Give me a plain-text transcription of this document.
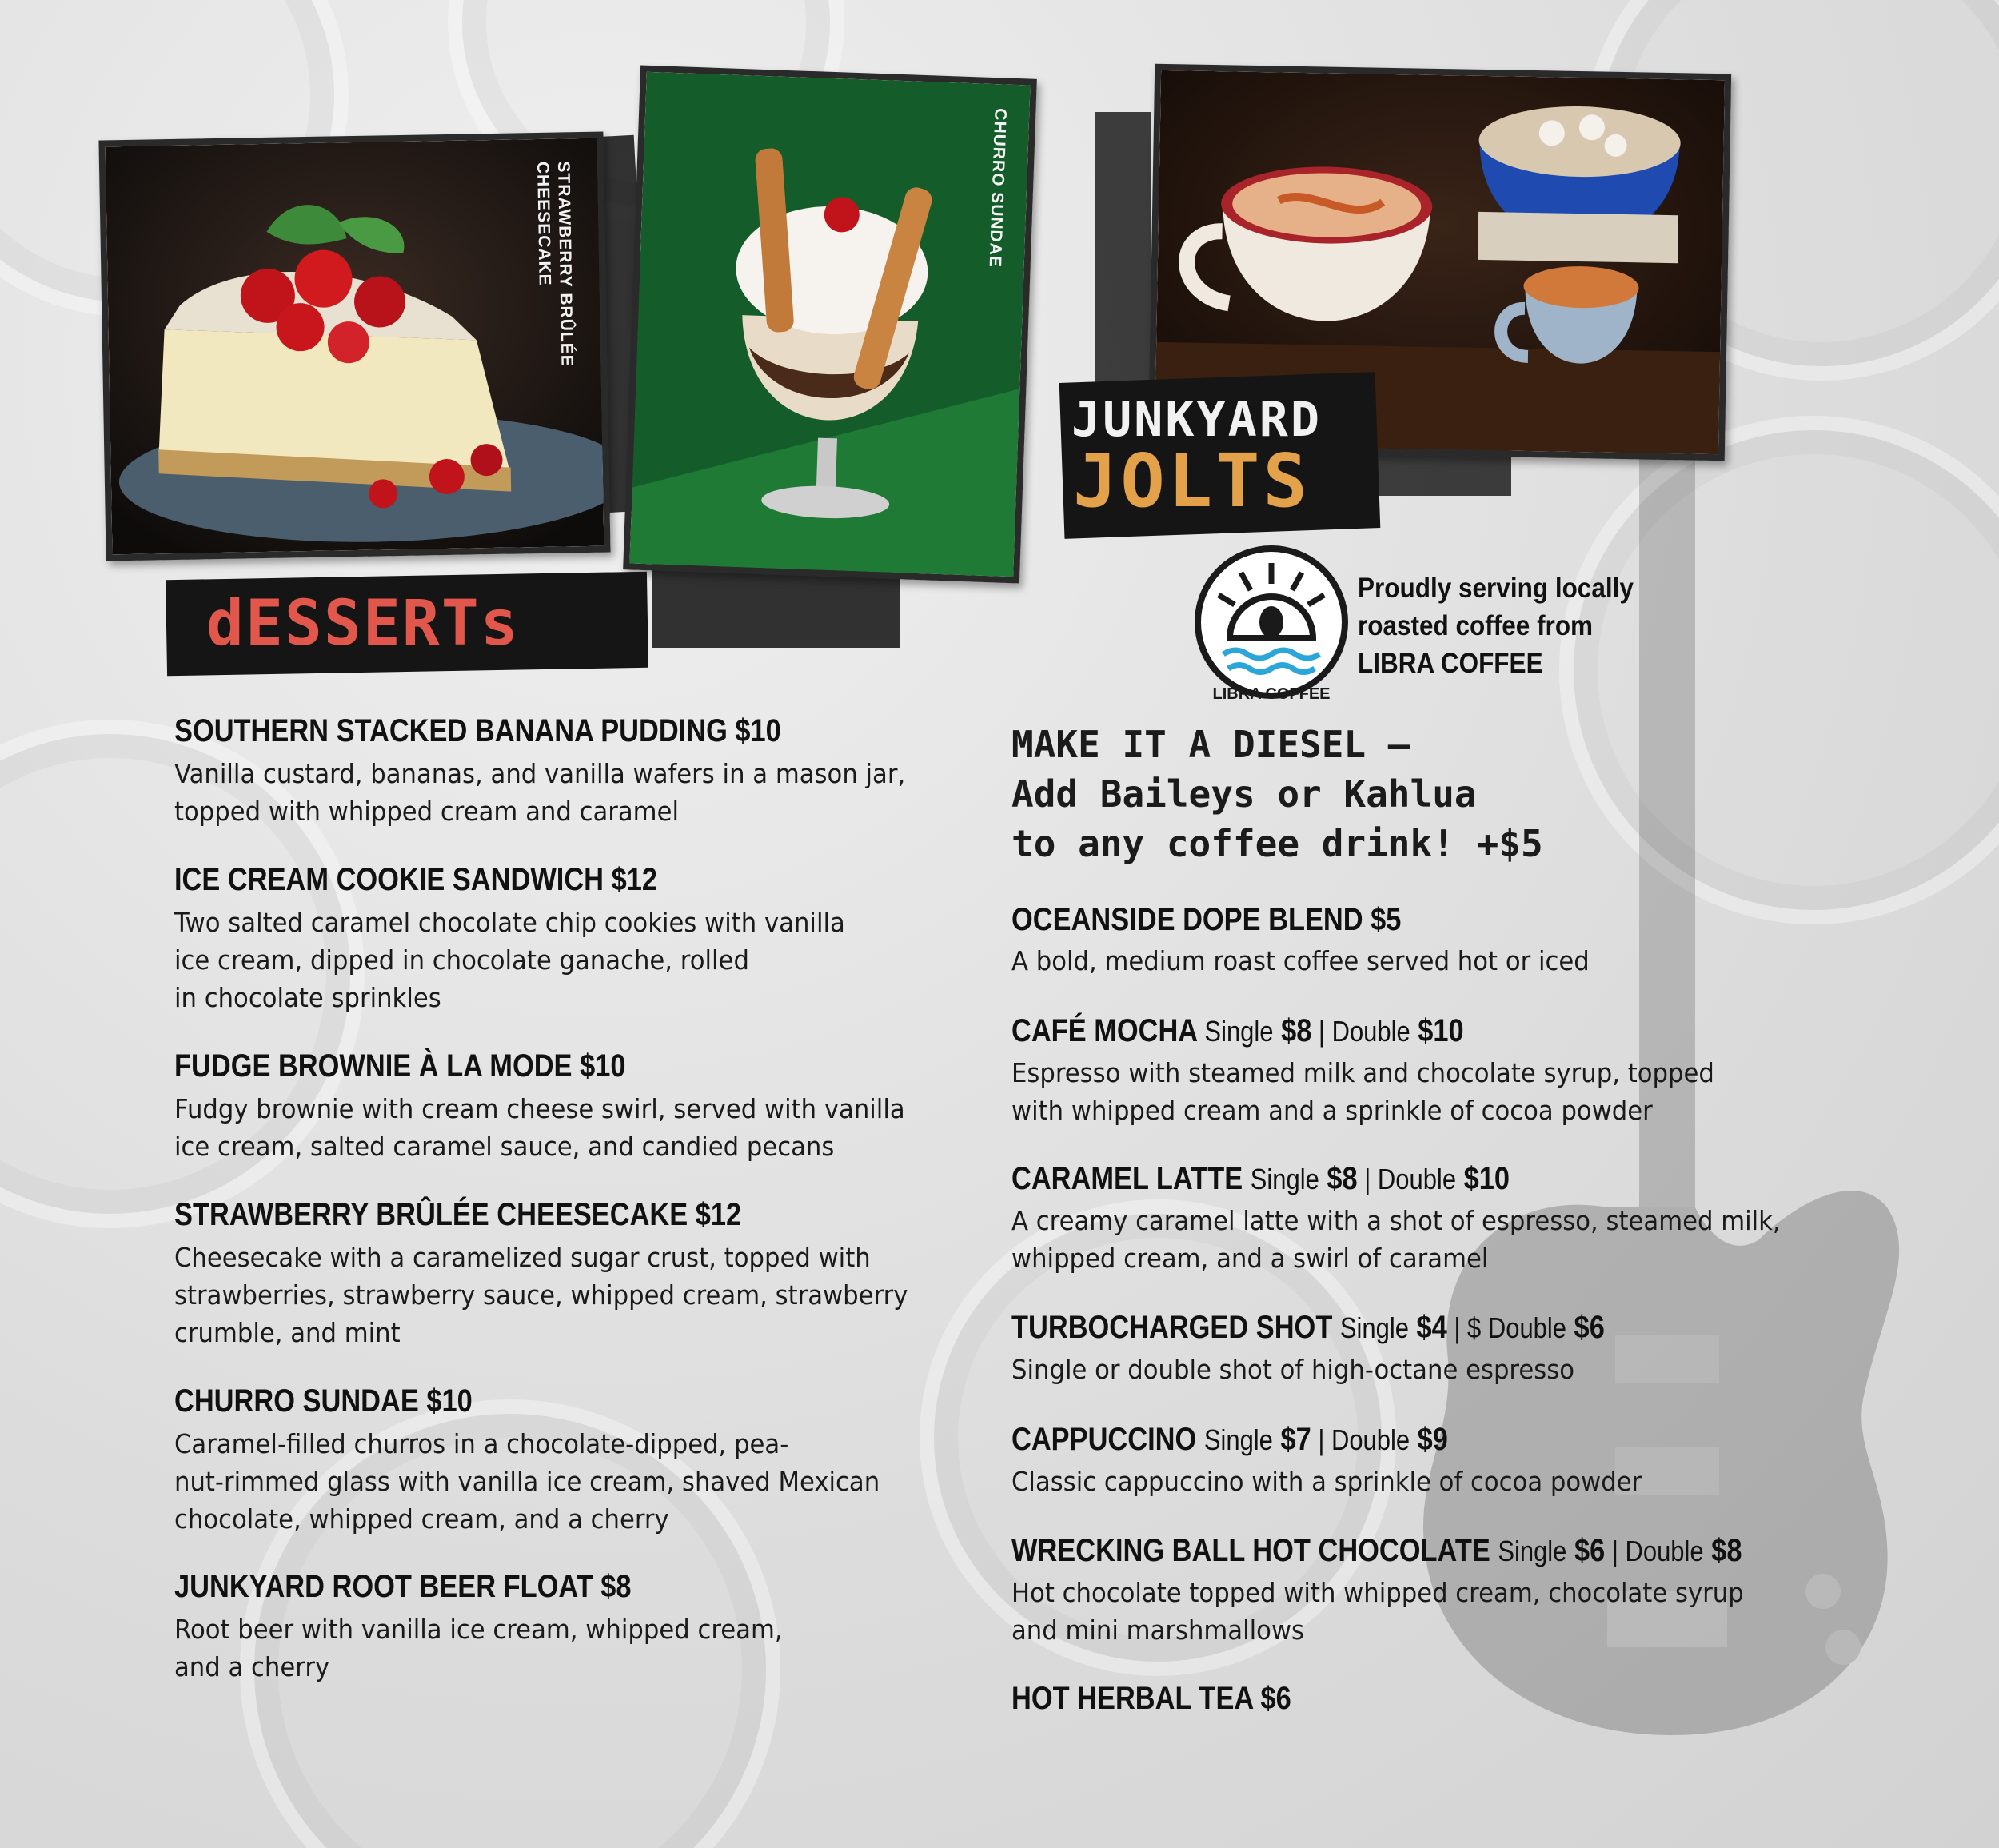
STRAWBERRY BRÛLÉE
CHEESECAKE	CHURRO SUNDAE
dESSERTs
JUNKYARD
JOLTS
LIBRA COFFEE
Proudly serving locally
roasted coffee from
LIBRA COFFEE
SOUTHERN STACKED BANANA PUDDING $10
Vanilla custard, bananas, and vanilla wafers in a mason jar,
topped with whipped cream and caramel
ICE CREAM COOKIE SANDWICH $12
Two salted caramel chocolate chip cookies with vanilla
ice cream, dipped in chocolate ganache, rolled
in chocolate sprinkles
FUDGE BROWNIE À LA MODE $10
Fudgy brownie with cream cheese swirl, served with vanilla
ice cream, salted caramel sauce, and candied pecans
STRAWBERRY BRÛLÉE CHEESECAKE $12
Cheesecake with a caramelized sugar crust, topped with
strawberries, strawberry sauce, whipped cream, strawberry
crumble, and mint
CHURRO SUNDAE $10
Caramel-filled churros in a chocolate-dipped, pea-
nut-rimmed glass with vanilla ice cream, shaved Mexican
chocolate, whipped cream, and a cherry
JUNKYARD ROOT BEER FLOAT $8
Root beer with vanilla ice cream, whipped cream,
and a cherry
MAKE IT A DIESEL –
Add Baileys or Kahlua
to any coffee drink! +$5
OCEANSIDE DOPE BLEND $5
A bold, medium roast coffee served hot or iced
CAFÉ MOCHA Single $8 | Double $10
Espresso with steamed milk and chocolate syrup, topped
with whipped cream and a sprinkle of cocoa powder
CARAMEL LATTE Single $8 | Double $10
A creamy caramel latte with a shot of espresso, steamed milk,
whipped cream, and a swirl of caramel
TURBOCHARGED SHOT Single $4 | $ Double $6
Single or double shot of high-octane espresso
CAPPUCCINO Single $7 | Double $9
Classic cappuccino with a sprinkle of cocoa powder
WRECKING BALL HOT CHOCOLATE Single $6 | Double $8
Hot chocolate topped with whipped cream, chocolate syrup
and mini marshmallows
HOT HERBAL TEA $6
